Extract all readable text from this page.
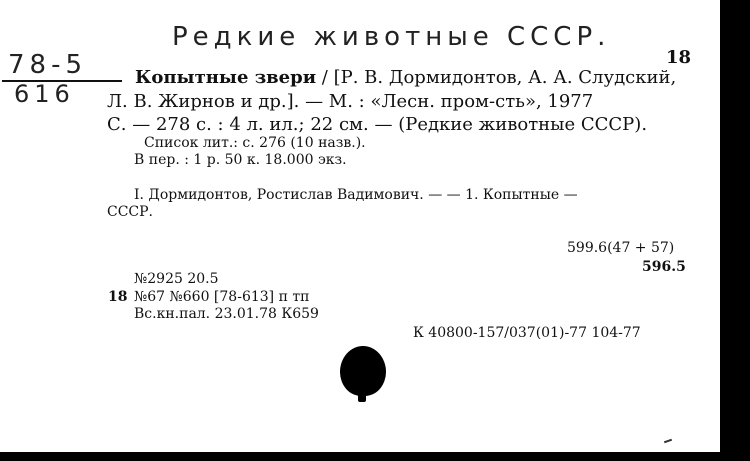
Редкие животные СССР.
78-5
616
18
Копытные звери / [Р. В. Дормидонтов, А. А. Слудский,
Л. В. Жирнов и др.]. — М. : «Лесн. пром-сть», 1977
С. — 278 с. : 4 л. ил.; 22 см. — (Редкие животные СССР).
Список лит.: с. 276 (10 назв.).
В пер. : 1 р. 50 к. 18.000 экз.
I. Дормидонтов, Ростислав Вадимович. — — 1. Копытные —
СССР.
599.6(47 + 57)
596.5
№2925 20.5
18 №67 №660 [78-613] п тп
Вс.кн.пал. 23.01.78 К659
К 40800-157/037(01)-77 104-77
